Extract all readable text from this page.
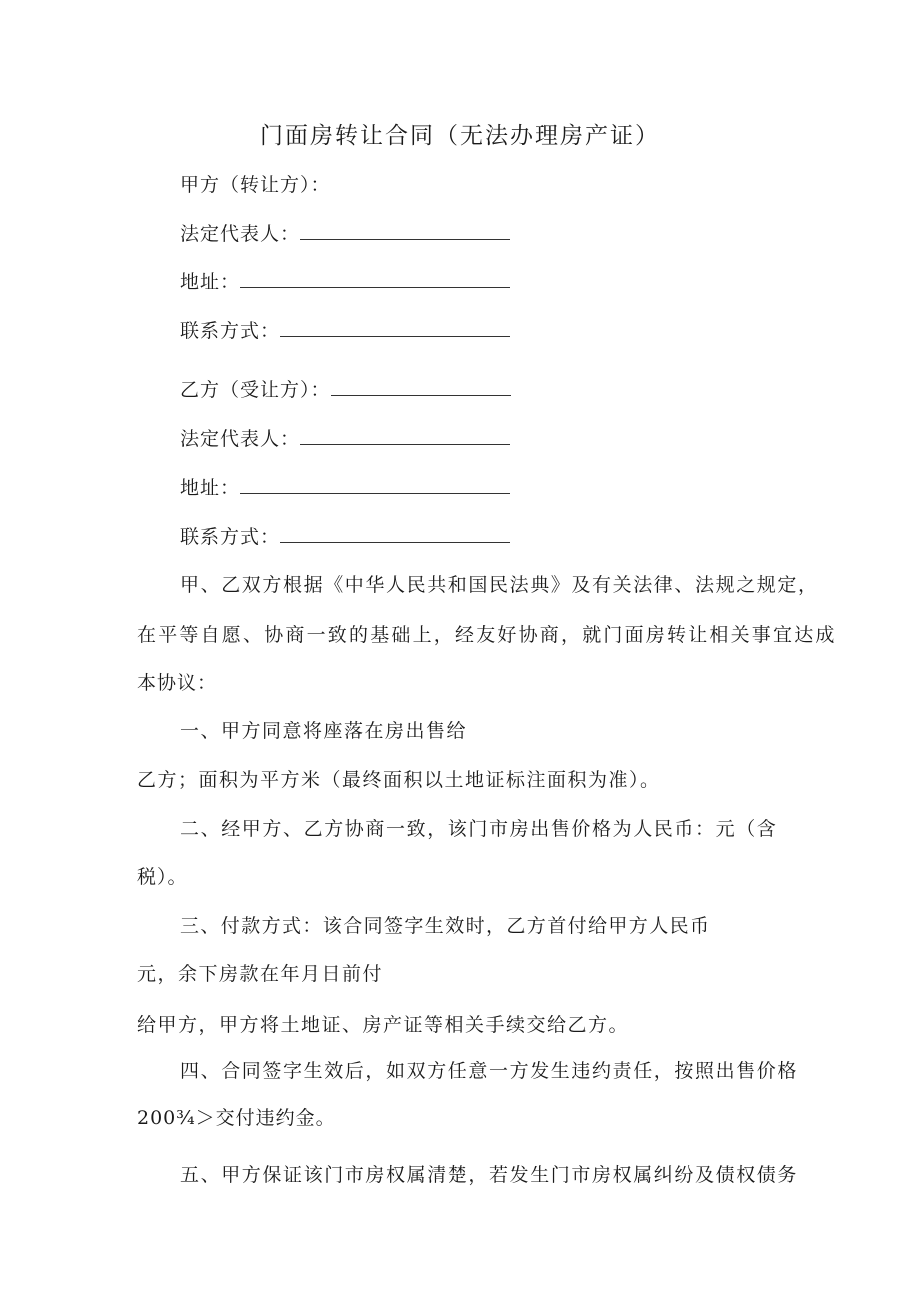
门面房转让合同（无法办理房产证）
甲方（转让方）：
法定代表人：
地址：
联系方式：
乙方（受让方）：
法定代表人：
地址：
联系方式：
甲、乙双方根据《中华人民共和国民法典》及有关法律、法规之规定，
在平等自愿、协商一致的基础上，经友好协商，就门面房转让相关事宜达成
本协议：
一、甲方同意将座落在房出售给
乙方；面积为平方米（最终面积以土地证标注面积为准）。
二、经甲方、乙方协商一致，该门市房出售价格为人民币：元（含
税）。
三、付款方式：该合同签字生效时，乙方首付给甲方人民币
元，余下房款在年月日前付
给甲方，甲方将土地证、房产证等相关手续交给乙方。
四、合同签字生效后，如双方任意一方发生违约责任，按照出售价格
200¾＞交付违约金。
五、甲方保证该门市房权属清楚，若发生门市房权属纠纷及债权债务
